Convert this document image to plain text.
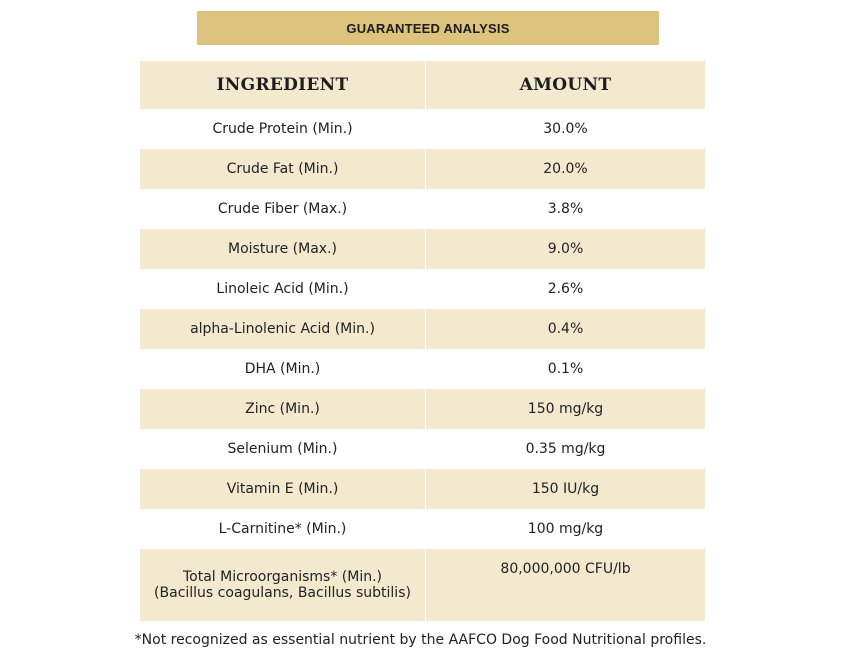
GUARANTEED ANALYSIS
INGREDIENT	AMOUNT
Crude Protein (Min.)	30.0%
Crude Fat (Min.)	20.0%
Crude Fiber (Max.)	3.8%
Moisture (Max.)	9.0%
Linoleic Acid (Min.)	2.6%
alpha-Linolenic Acid (Min.)	0.4%
DHA (Min.)	0.1%
Zinc (Min.)	150 mg/kg
Selenium (Min.)	0.35 mg/kg
Vitamin E (Min.)	150 IU/kg
L-Carnitine* (Min.)	100 mg/kg

Total Microorganisms* (Min.)
(Bacillus coagulans, Bacillus subtilis)	80,000,000 CFU/lb
*Not recognized as essential nutrient by the AAFCO Dog Food Nutritional profiles.
